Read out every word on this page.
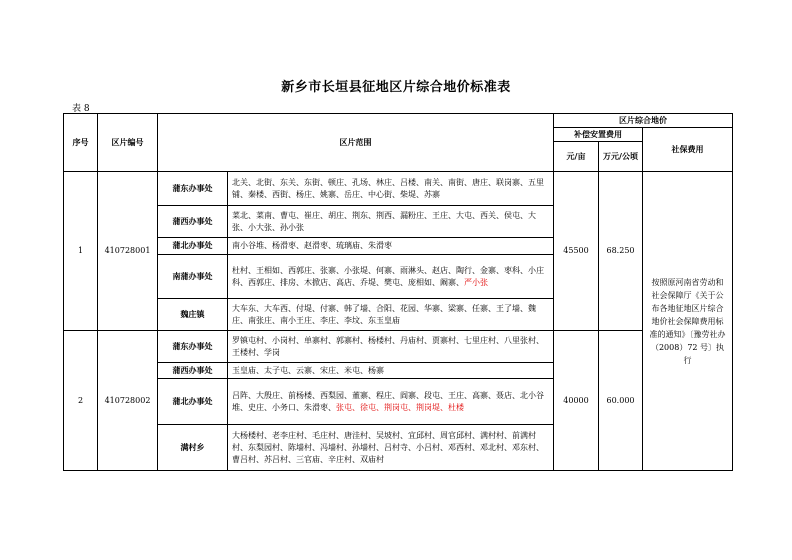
新乡市长垣县征地区片综合地价标准表
表 8
序号	区片编号	区片范围		区片综合地价		
				补偿安置费用		社保费用
				元/亩	万元/公顷	
1	410728001	蒲东办事处	北关、北街、东关、东街、顿庄、孔场、林庄、吕楼、南关、南街、唐庄、联岗寨、五里铺、秦楼、西街、杨庄、姚寨、岳庄、中心街、柴堤、苏寨	45500	68.250	按照原河南省劳动和社会保障厅《关于公布各地征地区片综合地价社会保障费用标准的通知》〔豫劳社办（2008）72 号〕执行
		蒲西办事处	菜北、菜南、曹屯、崔庄、胡庄、荆东、荆西、漏粉庄、王庄、大屯、西关、侯屯、大张、小大张、孙小张			
		蒲北办事处	南小谷堆、杨滑枣、赵滑枣、琉璃庙、朱滑枣			
		南蒲办事处	杜村、王相如、西郭庄、张寨、小张堤、何寨、雨淋头、赵店、陶行、金寨、枣科、小庄科、西郭庄、排房、木掀店、高店、乔堤、樊屯、庞相如、阚寨、严小张			
		魏庄镇	大车东、大车西、付堤、付寨、韩了墙、合阳、花园、华寨、梁寨、任寨、王了墙、魏庄、南张庄、南小王庄、李庄、李坟、东玉皇庙			
2	410728002	蒲东办事处	罗镇屯村、小岗村、单寨村、郭寨村、杨楼村、丹庙村、贾寨村、七里庄村、八里张村、王楼村、学岗	40000	60.000	
		蒲西办事处	玉皇庙、太子屯、云寨、宋庄、米屯、杨寨			
		蒲北办事处	吕阵、大殷庄、前杨楼、西梨园、董寨、程庄、阎寨、段屯、王庄、高寨、聂店、北小谷堆、史庄、小务口、朱滑枣、张屯、徐屯、荆岗屯、荆岗堤、杜楼			
		满村乡	大杨楼村、老李庄村、毛庄村、唐洼村、吴坡村、宜邱村、周官邱村、满村村、前满村村、东梨园村、陈墙村、冯墙村、孙墙村、吕村寺、小吕村、邓西村、邓北村、邓东村、曹吕村、苏吕村、三官庙、辛庄村、双庙村			
